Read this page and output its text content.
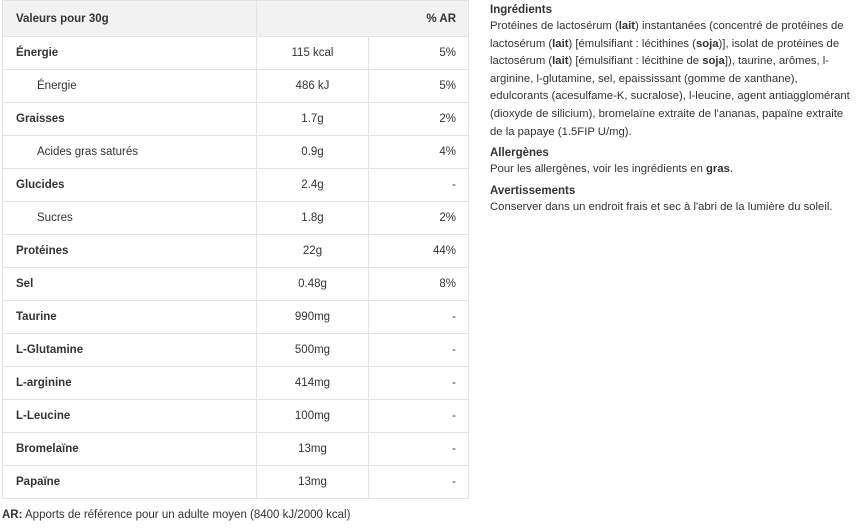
Valeurs pour 30g		% AR
Énergie	115 kcal	5%
Énergie	486 kJ	5%
Graisses	1.7g	2%
Acides gras saturés	0.9g	4%
Glucides	2.4g	-
Sucres	1.8g	2%
Protéines	22g	44%
Sel	0.48g	8%
Taurine	990mg	-
L-Glutamine	500mg	-
L-arginine	414mg	-
L-Leucine	100mg	-
Bromelaïne	13mg	-
Papaïne	13mg	-
AR: Apports de référence pour un adulte moyen (8400 kJ/2000 kcal)
Ingrédients

Protéines de lactosérum (lait) instantanées (concentré de protéines de lactosérum (lait) [émulsifiant : lécithines (soja)], isolat de protéines de lactosérum (lait) [émulsifiant : lécithine de soja]), taurine, arômes, l-arginine, l-glutamine, sel, epaississant (gomme de xanthane), edulcorants (acesulfame-K, sucralose), l-leucine, agent antiagglomérant (dioxyde de silicium), bromelaïne extraite de l'ananas, papaïne extraite de la papaye (1.5FIP U/mg).

Allergènes

Pour les allergènes, voir les ingrédients en gras.

Avertissements

Conserver dans un endroit frais et sec à l'abri de la lumière du soleil.
